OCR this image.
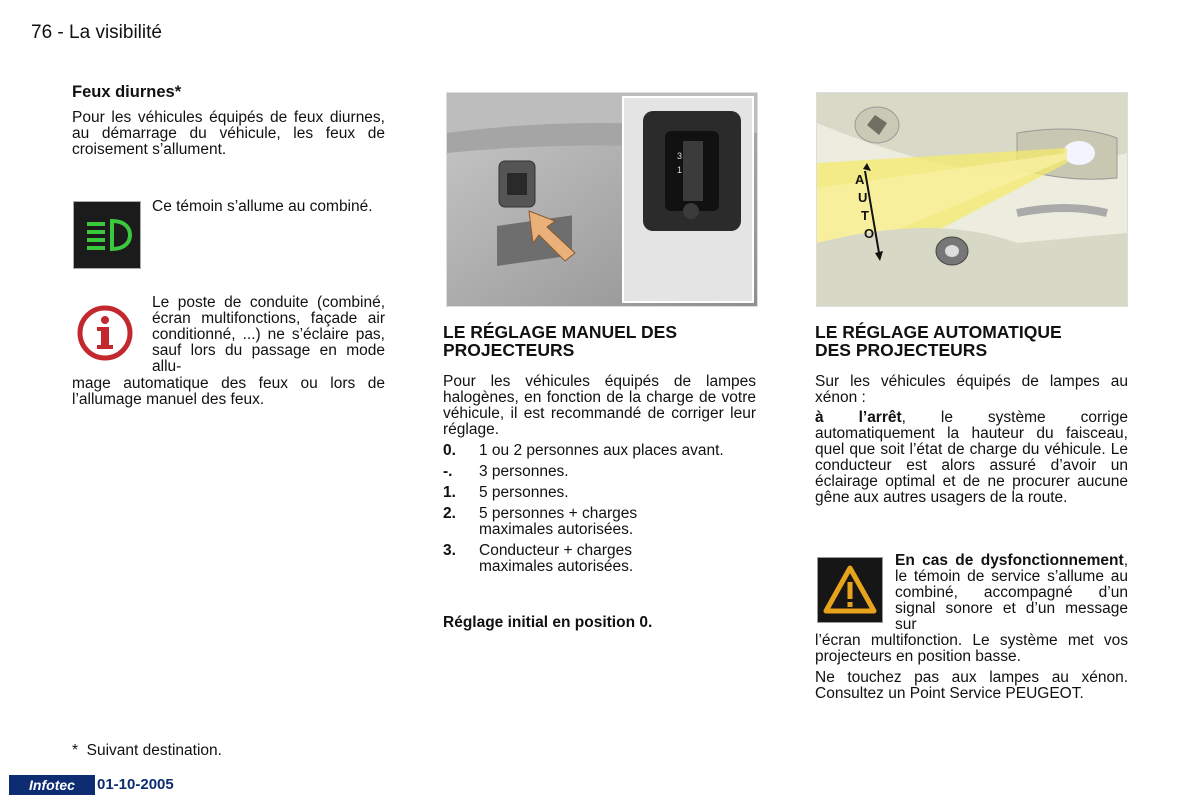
76 - La visibilité
Feux diurnes*
Pour les véhicules équipés de feux diurnes, au démarrage du véhicule, les feux de croisement s’allument.
Ce témoin s’allume au combiné.
Le poste de conduite (combiné, écran multifonctions, façade air conditionné, ...) ne s’éclaire pas, sauf lors du passage en mode allu-
mage automatique des feux ou lors de l’allumage manuel des feux.
*  Suivant destination.
3
1
LE RÉGLAGE MANUEL DES
PROJECTEURS
Pour les véhicules équipés de lampes halogènes, en fonction de la charge de votre véhicule, il est recommandé de corriger leur réglage.
0.	1 ou 2 personnes aux places avant.
-.	3 personnes.
1.	5 personnes.
2.	5 personnes + charges maximales autorisées.
3.	Conducteur + charges maximales autorisées.
Réglage initial en position 0.
A
U
T
O
LE RÉGLAGE AUTOMATIQUE
DES PROJECTEURS
Sur les véhicules équipés de lampes au xénon :
à l’arrêt, le système corrige automatiquement la hauteur du faisceau, quel que soit l’état de charge du véhicule. Le conducteur est alors assuré d’avoir un éclairage optimal et de ne procurer aucune gêne aux autres usagers de la route.
En cas de dysfonctionnement, le témoin de service s’allume au combiné, accompagné d’un signal sonore et d’un message sur
l’écran multifonction. Le système met vos projecteurs en position basse.
Ne touchez pas aux lampes au xénon. Consultez un Point Service PEUGEOT.
Infotec	01-10-2005
